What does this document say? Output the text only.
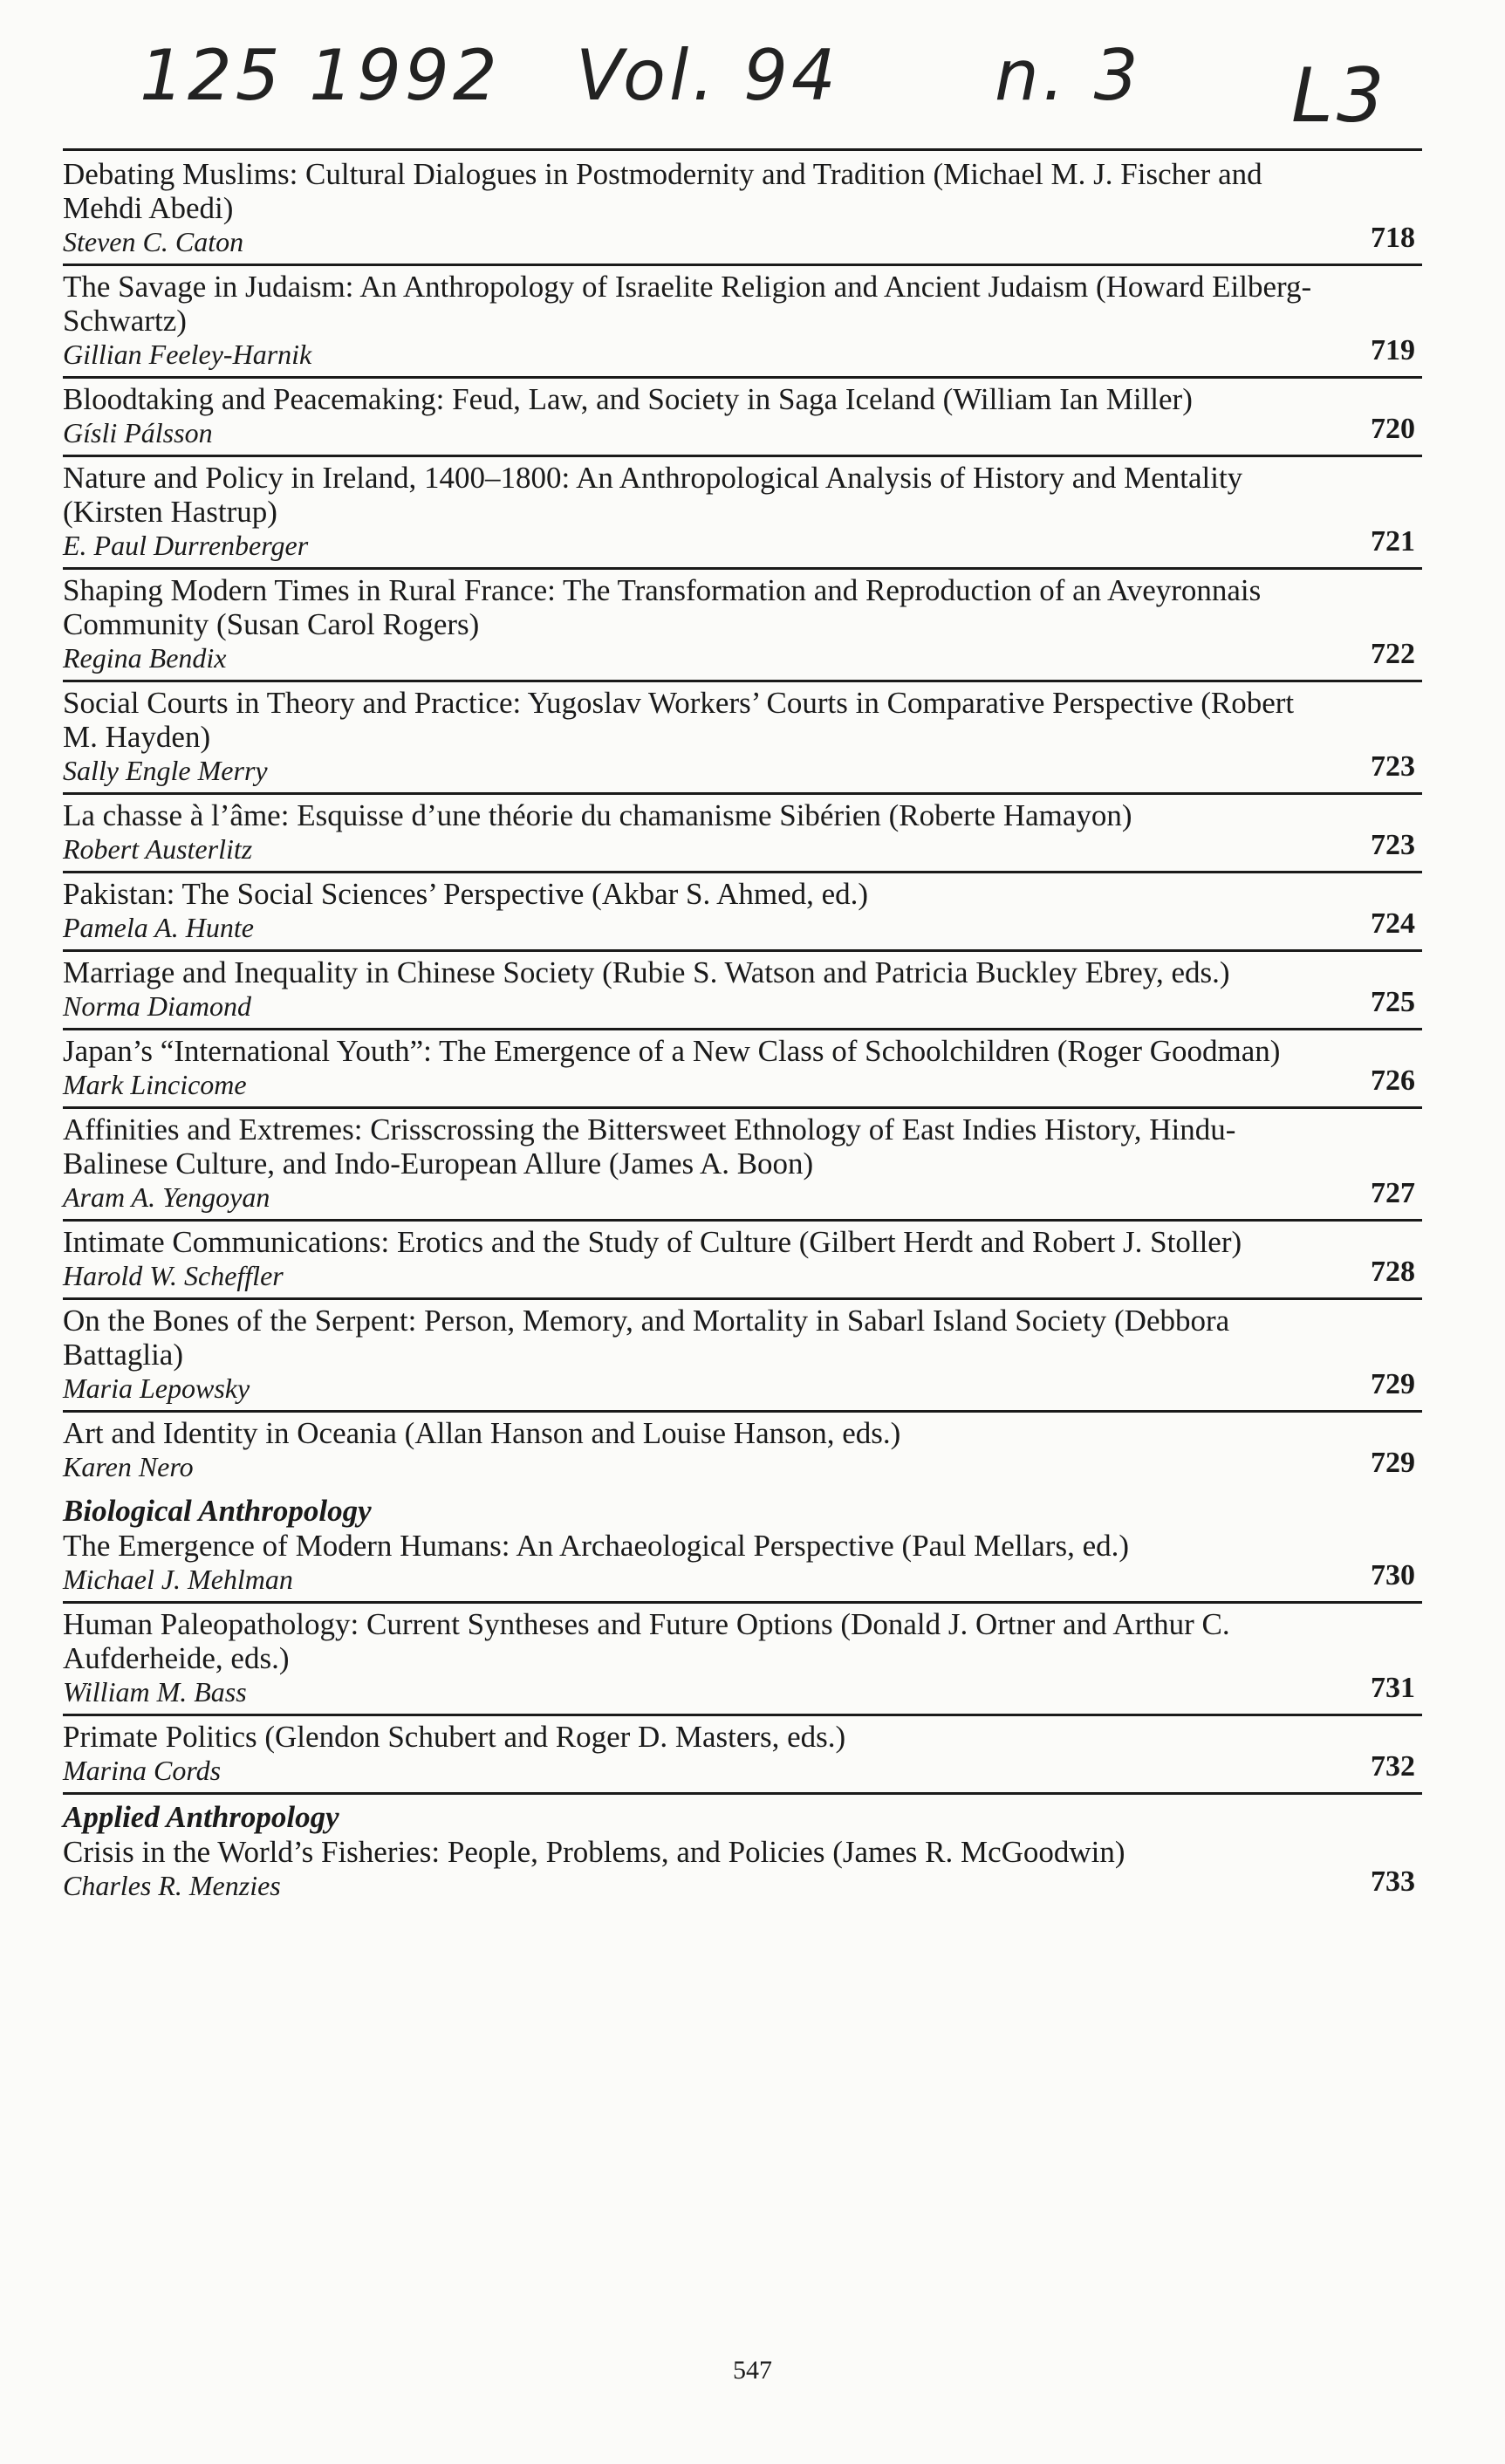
125 1992 Vol. 94 n. 3 L3
Debating Muslims: Cultural Dialogues in Postmodernity and Tradition (Michael M. J. Fischer and Mehdi Abedi)
Steven C. Caton	718
The Savage in Judaism: An Anthropology of Israelite Religion and Ancient Judaism (Howard Eilberg-Schwartz)
Gillian Feeley-Harnik	719
Bloodtaking and Peacemaking: Feud, Law, and Society in Saga Iceland (William Ian Miller)
Gísli Pálsson	720
Nature and Policy in Ireland, 1400–1800: An Anthropological Analysis of History and Mentality (Kirsten Hastrup)
E. Paul Durrenberger	721
Shaping Modern Times in Rural France: The Transformation and Reproduction of an Aveyronnais Community (Susan Carol Rogers)
Regina Bendix	722
Social Courts in Theory and Practice: Yugoslav Workers’ Courts in Comparative Perspective (Robert M. Hayden)
Sally Engle Merry	723
La chasse à l’âme: Esquisse d’une théorie du chamanisme Sibérien (Roberte Hamayon)
Robert Austerlitz	723
Pakistan: The Social Sciences’ Perspective (Akbar S. Ahmed, ed.)
Pamela A. Hunte	724
Marriage and Inequality in Chinese Society (Rubie S. Watson and Patricia Buckley Ebrey, eds.)
Norma Diamond	725
Japan’s “International Youth”: The Emergence of a New Class of Schoolchildren (Roger Goodman)
Mark Lincicome	726
Affinities and Extremes: Crisscrossing the Bittersweet Ethnology of East Indies History, Hindu-Balinese Culture, and Indo-European Allure (James A. Boon)
Aram A. Yengoyan	727
Intimate Communications: Erotics and the Study of Culture (Gilbert Herdt and Robert J. Stoller)
Harold W. Scheffler	728
On the Bones of the Serpent: Person, Memory, and Mortality in Sabarl Island Society (Debbora Battaglia)
Maria Lepowsky	729
Art and Identity in Oceania (Allan Hanson and Louise Hanson, eds.)
Karen Nero	729
Biological Anthropology
The Emergence of Modern Humans: An Archaeological Perspective (Paul Mellars, ed.)
Michael J. Mehlman	730
Human Paleopathology: Current Syntheses and Future Options (Donald J. Ortner and Arthur C. Aufderheide, eds.)
William M. Bass	731
Primate Politics (Glendon Schubert and Roger D. Masters, eds.)
Marina Cords	732
Applied Anthropology
Crisis in the World’s Fisheries: People, Problems, and Policies (James R. McGoodwin)
Charles R. Menzies	733
547
